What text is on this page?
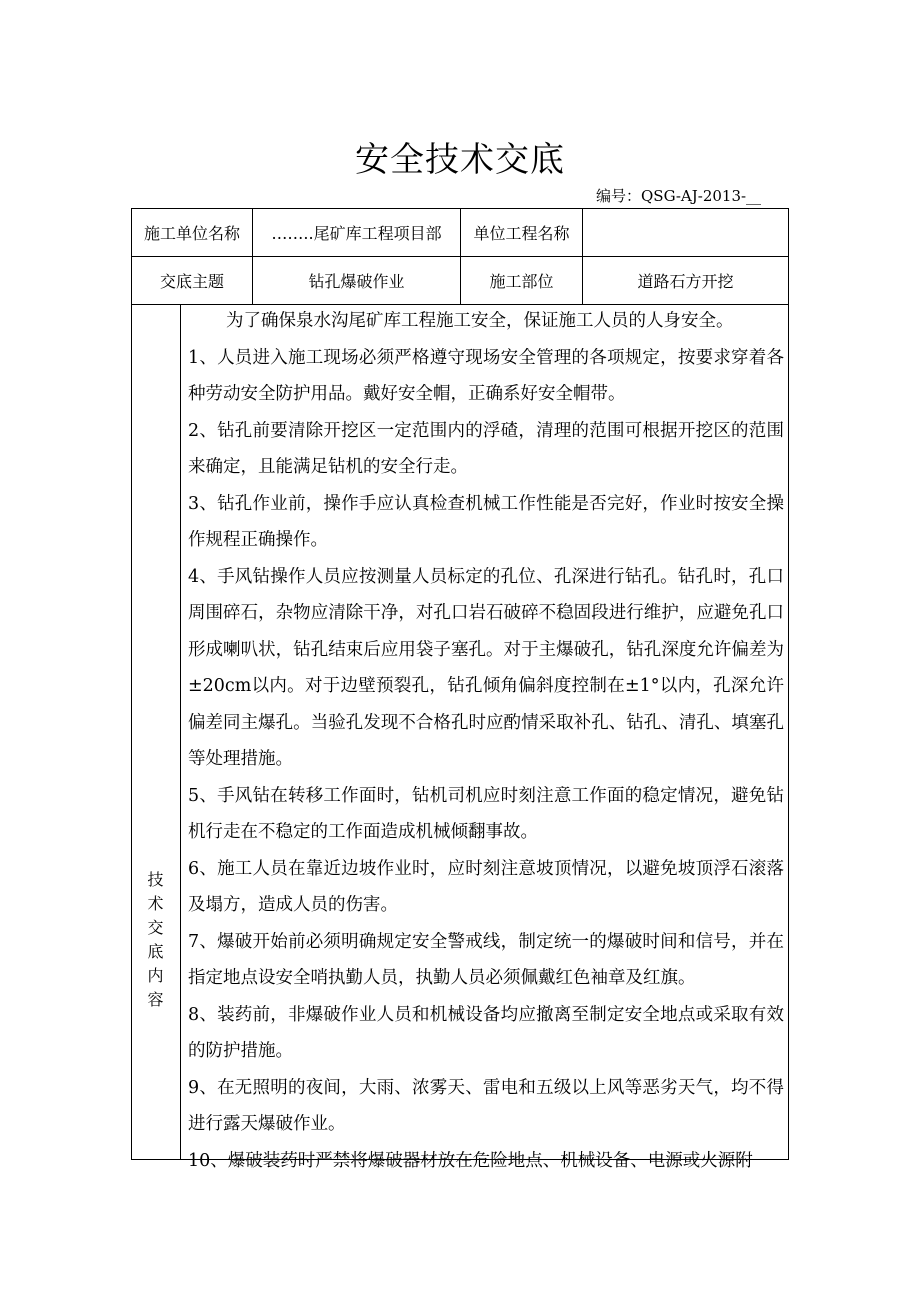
安全技术交底
编号：QSG-AJ-2013-__
施工单位名称	……..尾矿库工程项目部	单位工程名称
交底主题	钻孔爆破作业	施工部位	道路石方开挖
技
术
交
底
内
容

为了确保泉水沟尾矿库工程施工安全，保证施工人员的人身安全。

1、人员进入施工现场必须严格遵守现场安全管理的各项规定，按要求穿着各种劳动安全防护用品。戴好安全帽，正确系好安全帽带。

2、钻孔前要清除开挖区一定范围内的浮碴，清理的范围可根据开挖区的范围来确定，且能满足钻机的安全行走。

3、钻孔作业前，操作手应认真检查机械工作性能是否完好，作业时按安全操作规程正确操作。

4、手风钻操作人员应按测量人员标定的孔位、孔深进行钻孔。钻孔时，孔口周围碎石，杂物应清除干净，对孔口岩石破碎不稳固段进行维护，应避免孔口形成喇叭状，钻孔结束后应用袋子塞孔。对于主爆破孔，钻孔深度允许偏差为±20cm以内。对于边壁预裂孔，钻孔倾角偏斜度控制在±1°以内，孔深允许偏差同主爆孔。当验孔发现不合格孔时应酌情采取补孔、钻孔、清孔、填塞孔等处理措施。

5、手风钻在转移工作面时，钻机司机应时刻注意工作面的稳定情况，避免钻机行走在不稳定的工作面造成机械倾翻事故。

6、施工人员在靠近边坡作业时，应时刻注意坡顶情况，以避免坡顶浮石滚落及塌方，造成人员的伤害。

7、爆破开始前必须明确规定安全警戒线，制定统一的爆破时间和信号，并在指定地点设安全哨执勤人员，执勤人员必须佩戴红色袖章及红旗。

8、装药前，非爆破作业人员和机械设备均应撤离至制定安全地点或采取有效的防护措施。

9、在无照明的夜间，大雨、浓雾天、雷电和五级以上风等恶劣天气，均不得进行露天爆破作业。

10、爆破装药时严禁将爆破器材放在危险地点、机械设备、电源或火源附
